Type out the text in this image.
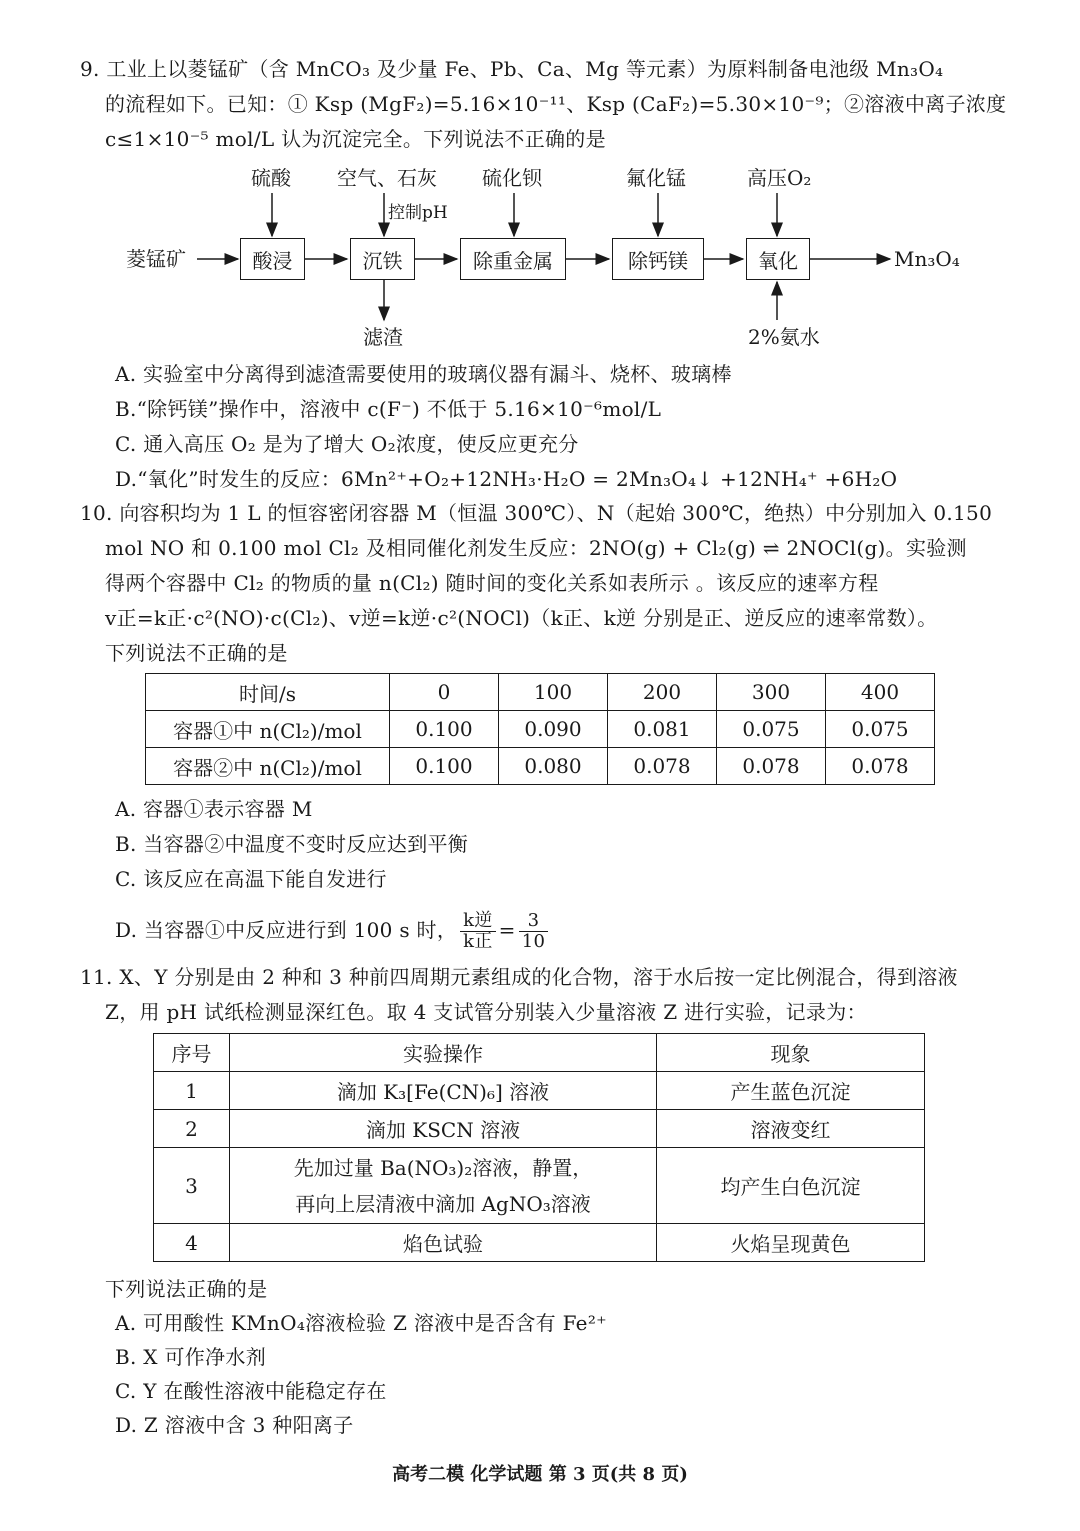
9. 工业上以菱锰矿（含 MnCO₃ 及少量 Fe、Pb、Ca、Mg 等元素）为原料制备电池级 Mn₃O₄
的流程如下。已知：① Ksp (MgF₂)=5.16×10⁻¹¹、Ksp (CaF₂)=5.30×10⁻⁹；②溶液中离子浓度
c≤1×10⁻⁵ mol/L 认为沉淀完全。下列说法不正确的是
菱锰矿	Mn₃O₄
酸浸	沉铁	除重金属	除钙镁	氧化
硫酸 空气、石灰 硫化钡	氟化锰	高压O₂
控制pH
滤渣	2%氨水
A. 实验室中分离得到滤渣需要使用的玻璃仪器有漏斗、烧杯、玻璃棒
B.“除钙镁”操作中，溶液中 c(F⁻) 不低于 5.16×10⁻⁶mol/L
C. 通入高压 O₂ 是为了增大 O₂浓度，使反应更充分
D.“氧化”时发生的反应：6Mn²⁺+O₂+12NH₃·H₂O = 2Mn₃O₄↓ +12NH₄⁺ +6H₂O
10. 向容积均为 1 L 的恒容密闭容器 M（恒温 300℃）、N（起始 300℃，绝热）中分别加入 0.150
mol NO 和 0.100 mol Cl₂ 及相同催化剂发生反应：2NO(g) + Cl₂(g) ⇌ 2NOCl(g)。实验测
得两个容器中 Cl₂ 的物质的量 n(Cl₂) 随时间的变化关系如表所示 。该反应的速率方程
v正=k正·c²(NO)·c(Cl₂)、v逆=k逆·c²(NOCl)（k正、k逆 分别是正、逆反应的速率常数）。
下列说法不正确的是
时间/s	0	100	200	300	400
容器①中 n(Cl₂)/mol	0.100	0.090	0.081	0.075	0.075
容器②中 n(Cl₂)/mol	0.100	0.080	0.078	0.078	0.078
A. 容器①表示容器 M
B. 当容器②中温度不变时反应达到平衡
C. 该反应在高温下能自发进行
D. 当容器①中反应进行到 100 s 时， $\frac{\text{k逆}}{\text{k正}} = \frac{3}{10}$
11. X、Y 分别是由 2 种和 3 种前四周期元素组成的化合物，溶于水后按一定比例混合，得到溶液
Z，用 pH 试纸检测显深红色。取 4 支试管分别装入少量溶液 Z 进行实验，记录为：
序号	实验操作	现象
1	滴加 K₃[Fe(CN)₆] 溶液	产生蓝色沉淀
2	滴加 KSCN 溶液	溶液变红
3	先加过量 Ba(NO₃)₂溶液，静置，
再向上层清液中滴加 AgNO₃溶液	均产生白色沉淀
4	焰色试验	火焰呈现黄色
下列说法正确的是
A. 可用酸性 KMnO₄溶液检验 Z 溶液中是否含有 Fe²⁺
B. X 可作净水剂
C. Y 在酸性溶液中能稳定存在
D. Z 溶液中含 3 种阳离子
高考二模 化学试题 第 3 页(共 8 页)
